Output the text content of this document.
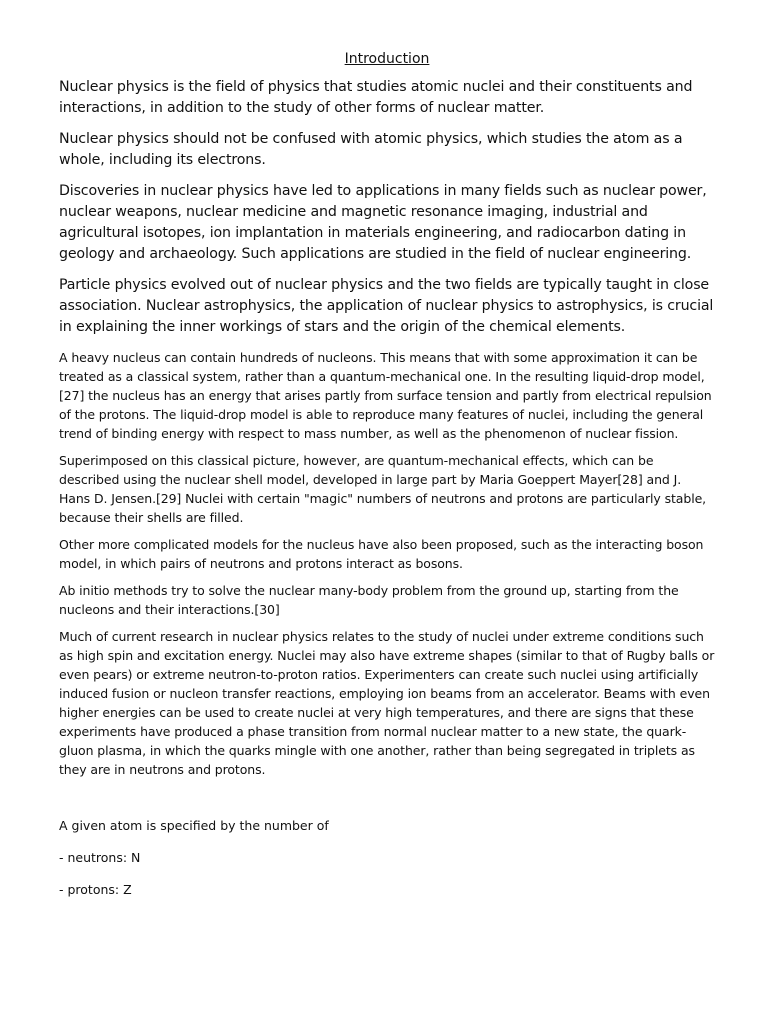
Introduction

Nuclear physics is the field of physics that studies atomic nuclei and their constituents and interactions, in addition to the study of other forms of nuclear matter.

Nuclear physics should not be confused with atomic physics, which studies the atom as a whole, including its electrons.

Discoveries in nuclear physics have led to applications in many fields such as nuclear power, nuclear weapons, nuclear medicine and magnetic resonance imaging, industrial and agricultural isotopes, ion implantation in materials engineering, and radiocarbon dating in geology and archaeology. Such applications are studied in the field of nuclear engineering.

Particle physics evolved out of nuclear physics and the two fields are typically taught in close association. Nuclear astrophysics, the application of nuclear physics to astrophysics, is crucial in explaining the inner workings of stars and the origin of the chemical elements.

A heavy nucleus can contain hundreds of nucleons. This means that with some approximation it can be treated as a classical system, rather than a quantum-mechanical one. In the resulting liquid-drop model,[27] the nucleus has an energy that arises partly from surface tension and partly from electrical repulsion of the protons. The liquid-drop model is able to reproduce many features of nuclei, including the general trend of binding energy with respect to mass number, as well as the phenomenon of nuclear fission.

Superimposed on this classical picture, however, are quantum-mechanical effects, which can be described using the nuclear shell model, developed in large part by Maria Goeppert Mayer[28] and J. Hans D. Jensen.[29] Nuclei with certain "magic" numbers of neutrons and protons are particularly stable, because their shells are filled.

Other more complicated models for the nucleus have also been proposed, such as the interacting boson model, in which pairs of neutrons and protons interact as bosons.

Ab initio methods try to solve the nuclear many-body problem from the ground up, starting from the nucleons and their interactions.[30]

Much of current research in nuclear physics relates to the study of nuclei under extreme conditions such as high spin and excitation energy. Nuclei may also have extreme shapes (similar to that of Rugby balls or even pears) or extreme neutron-to-proton ratios. Experimenters can create such nuclei using artificially induced fusion or nucleon transfer reactions, employing ion beams from an accelerator. Beams with even higher energies can be used to create nuclei at very high temperatures, and there are signs that these experiments have produced a phase transition from normal nuclear matter to a new state, the quark-gluon plasma, in which the quarks mingle with one another, rather than being segregated in triplets as they are in neutrons and protons.

A given atom is specified by the number of

- neutrons: N

- protons: Z
